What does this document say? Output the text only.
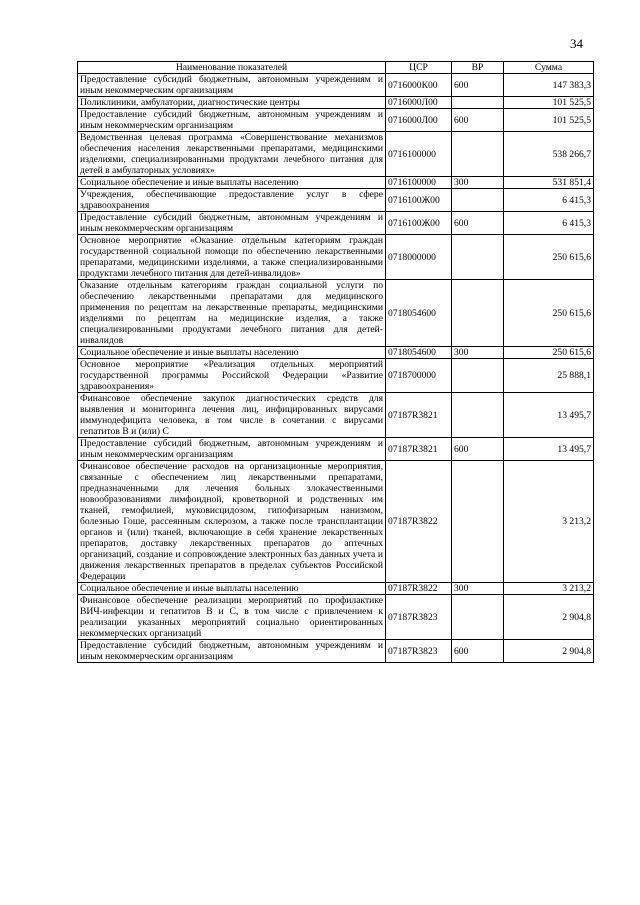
34
Наименование показателей	ЦСР	ВР	Сумма
Предоставление субсидий бюджетным, автономным учреждениям и иным некоммерческим организациям	0716000К00	600	147 383,3
Поликлиники, амбулатории, диагностические центры	0716000Л00		101 525,5
Предоставление субсидий бюджетным, автономным учреждениям и иным некоммерческим организациям	0716000Л00	600	101 525,5
Ведомственная целевая программа «Совершенствование механизмов обеспечения населения лекарственными препаратами, медицинскими изделиями, специализированными продуктами лечебного питания для детей в амбулаторных условиях»	0716100000		538 266,7
Социальное обеспечение и иные выплаты населению	0716100000	300	531 851,4
Учреждения, обеспечивающие предоставление услуг в сфере здравоохранения	0716100Ж00		6 415,3
Предоставление субсидий бюджетным, автономным учреждениям и иным некоммерческим организациям	0716100Ж00	600	6 415,3
Основное мероприятие «Оказание отдельным категориям граждан государственной социальной помощи по обеспечению лекарственными препаратами, медицинскими изделиями, а также специализированными продуктами лечебного питания для детей-инвалидов»	0718000000		250 615,6
Оказание отдельным категориям граждан социальной услуги по обеспечению лекарственными препаратами для медицинского применения по рецептам на лекарственные препараты, медицинскими изделиями по рецептам на медицинские изделия, а также специализированными продуктами лечебного питания для детей-инвалидов	0718054600		250 615,6
Социальное обеспечение и иные выплаты населению	0718054600	300	250 615,6
Основное мероприятие «Реализация отдельных мероприятий государственной программы Российской Федерации «Развитие здравоохранения»	0718700000		25 888,1
Финансовое обеспечение закупок диагностических средств для выявления и мониторинга лечения лиц, инфицированных вирусами иммунодефицита человека, в том числе в сочетании с вирусами гепатитов В и (или) С	07187R3821		13 495,7
Предоставление субсидий бюджетным, автономным учреждениям и иным некоммерческим организациям	07187R3821	600	13 495,7
Финансовое обеспечение расходов на организационные мероприятия, связанные с обеспечением лиц лекарственными препаратами, предназначенными для лечения больных злокачественными новообразованиями лимфоидной, кроветворной и родственных им тканей, гемофилией, муковисцидозом, гипофизарным нанизмом, болезнью Гоше, рассеянным склерозом, а также после трансплантации органов и (или) тканей, включающие в себя хранение лекарственных препаратов, доставку лекарственных препаратов до аптечных организаций, создание и сопровождение электронных баз данных учета и движения лекарственных препаратов в пределах субъектов Российской Федерации	07187R3822		3 213,2
Социальное обеспечение и иные выплаты населению	07187R3822	300	3 213,2
Финансовое обеспечение реализации мероприятий по профилактике ВИЧ-инфекции и гепатитов В и С, в том числе с привлечением к реализации указанных мероприятий социально ориентированных некоммерческих организаций	07187R3823		2 904,8
Предоставление субсидий бюджетным, автономным учреждениям и иным некоммерческим организациям	07187R3823	600	2 904,8
